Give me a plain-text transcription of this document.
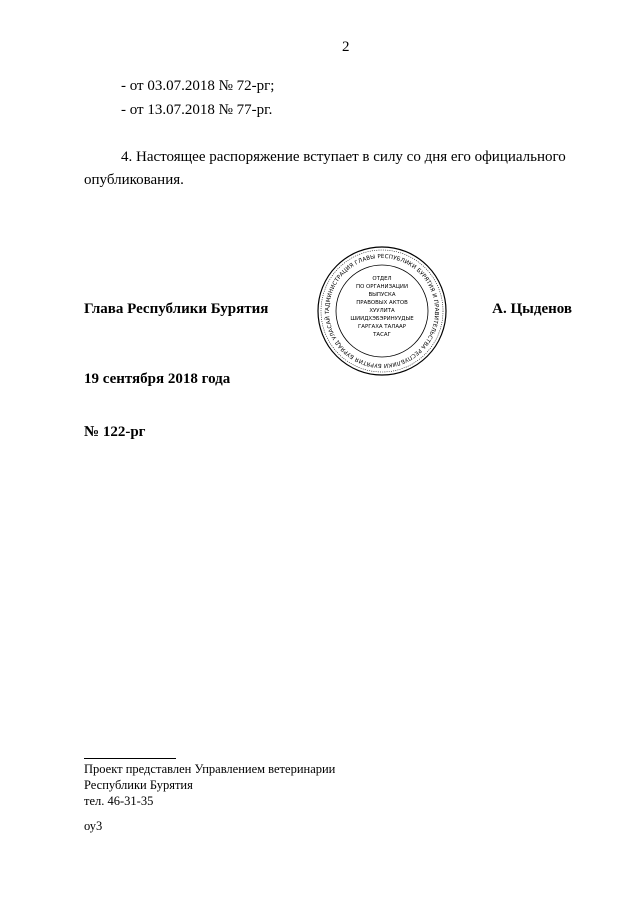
2
- от 03.07.2018 № 72-рг;
- от 13.07.2018 № 77-рг.
4. Настоящее распоряжение вступает в силу со дня его официального
опубликования.
АДМИНИСТРАЦИЯ ГЛАВЫ РЕСПУБЛИКИ БУРЯТИЯ И ПРАВИТЕЛЬСТВА РЕСПУБЛИКИ БУРЯТИЯ БУРЯАД УЛАСАЙ Т
ОТДЕЛ
ПО ОРГАНИЗАЦИИ
ВЫПУСКА
ПРАВОВЫХ АКТОВ
ХУУЛИТА
ШИИДХЭБЭРИНУУДЫЕ
ГАРГАХА ТАЛААР
ТАСАГ
Глава Республики Бурятия	А. Цыденов
19 сентября 2018 года
№ 122-рг
Проект представлен Управлением ветеринарии
Республики Бурятия
тел. 46-31-35
оу3
